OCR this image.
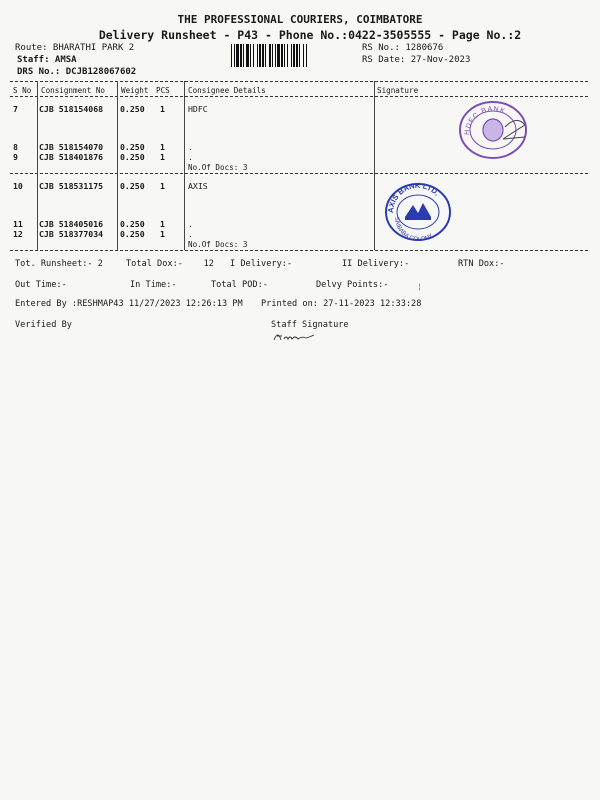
THE PROFESSIONAL COURIERS, COIMBATORE
Delivery Runsheet - P43 - Phone No.:0422-3505555 - Page No.:2
Route: BHARATHI PARK 2
Staff: AMSA
DRS No.: DCJB128067602
RS No.: 1280676
RS Date: 27-Nov-2023
S No Consignment No Weight PCS Consignee Details	Signature
7	CJB 518154068 0.250 1	HDFC
8	CJB 518154070 0.250 1	.
9	CJB 518401876 0.250 1	.
No.Of Docs: 3
10 CJB 518531175 0.250 1	AXIS
11 CJB 518405016 0.250 1	.
12 CJB 518377034 0.250 1	.
No.Of Docs: 3
HDFC BANK
AXIS BANK LTD.
SAIBABA COLONY
Tot. Runsheet:- 2	Total Dox:-    12 I Delivery:-	II Delivery:-	RTN Dox:-
Out Time:-	In Time:-	Total POD:-	Delvy Points:-
Entered By :RESHMAP43 11/27/2023 12:26:13 PM Printed on: 27-11-2023 12:33:28
Verified By	Staff Signature
¦
